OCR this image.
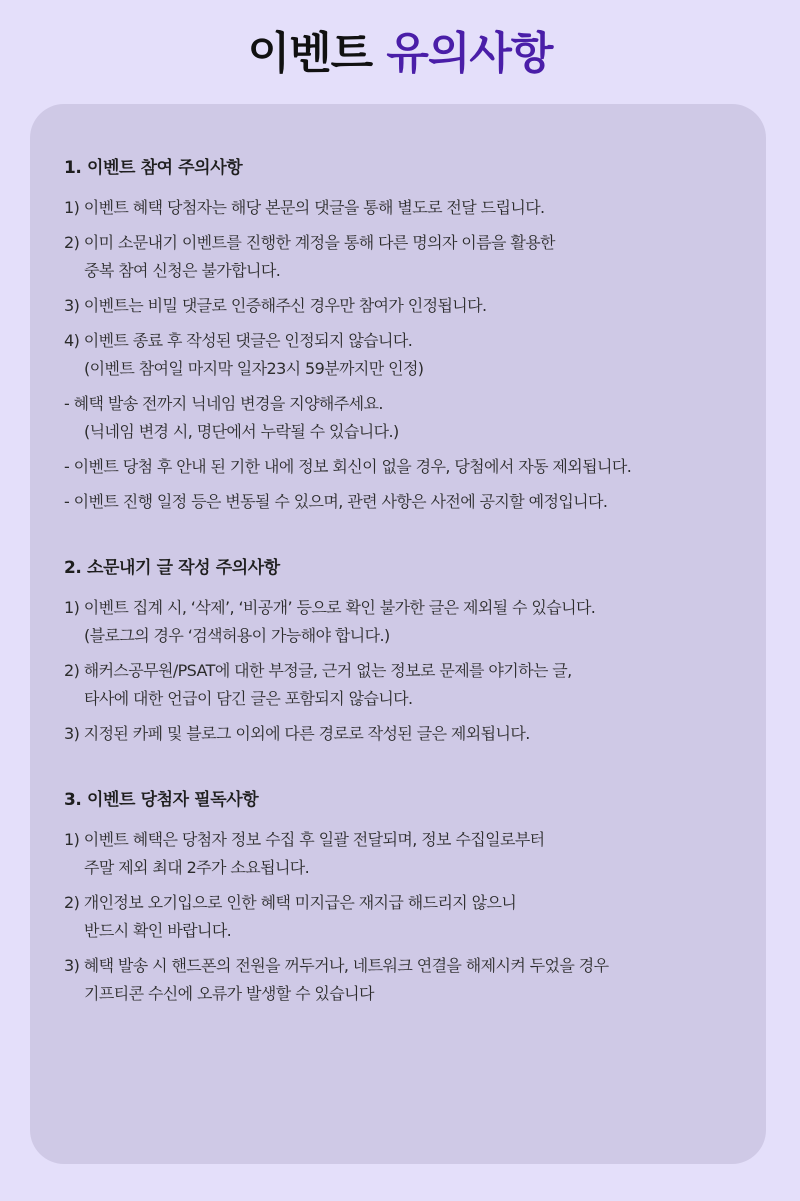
이벤트 유의사항
1. 이벤트 참여 주의사항
1) 이벤트 혜택 당첨자는 해당 본문의 댓글을 통해 별도로 전달 드립니다.
2) 이미 소문내기 이벤트를 진행한 계정을 통해 다른 명의자 이름을 활용한
중복 참여 신청은 불가합니다.
3) 이벤트는 비밀 댓글로 인증해주신 경우만 참여가 인정됩니다.
4) 이벤트 종료 후 작성된 댓글은 인정되지 않습니다.
(이벤트 참여일 마지막 일자23시 59분까지만 인정)
- 혜택 발송 전까지 닉네임 변경을 지양해주세요.
(닉네임 변경 시, 명단에서 누락될 수 있습니다.)
- 이벤트 당첨 후 안내 된 기한 내에 정보 회신이 없을 경우, 당첨에서 자동 제외됩니다.
- 이벤트 진행 일정 등은 변동될 수 있으며, 관련 사항은 사전에 공지할 예정입니다.
2. 소문내기 글 작성 주의사항
1) 이벤트 집계 시, ‘삭제’, ‘비공개’ 등으로 확인 불가한 글은 제외될 수 있습니다.
(블로그의 경우 ‘검색허용이 가능해야 합니다.)
2) 해커스공무원/PSAT에 대한 부정글, 근거 없는 정보로 문제를 야기하는 글,
타사에 대한 언급이 담긴 글은 포함되지 않습니다.
3) 지정된 카페 및 블로그 이외에 다른 경로로 작성된 글은 제외됩니다.
3. 이벤트 당첨자 필독사항
1) 이벤트 혜택은 당첨자 정보 수집 후 일괄 전달되며, 정보 수집일로부터
주말 제외 최대 2주가 소요됩니다.
2) 개인정보 오기입으로 인한 혜택 미지급은 재지급 해드리지 않으니
반드시 확인 바랍니다.
3) 혜택 발송 시 핸드폰의 전원을 꺼두거나, 네트워크 연결을 해제시켜 두었을 경우
기프티콘 수신에 오류가 발생할 수 있습니다
